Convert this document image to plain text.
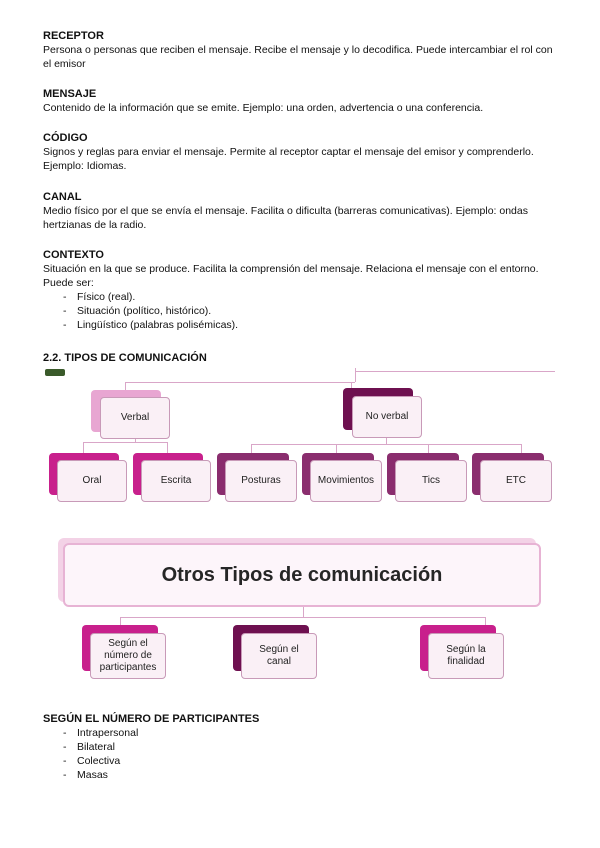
RECEPTOR

Persona o personas que reciben el mensaje. Recibe el mensaje y lo decodifica. Puede intercambiar el rol con el emisor

MENSAJE

Contenido de la información que se emite. Ejemplo: una orden, advertencia o una conferencia.

CÓDIGO

Signos y reglas para enviar el mensaje. Permite al receptor captar el mensaje del emisor y comprenderlo. Ejemplo: Idiomas.

CANAL

Medio físico por el que se envía el mensaje. Facilita o dificulta (barreras comunicativas). Ejemplo: ondas hertzianas de la radio.

CONTEXTO

Situación en la que se produce. Facilita la comprensión del mensaje. Relaciona el mensaje con el entorno. Puede ser:

- Físico (real).
- Situación (político, histórico).
- Lingüístico (palabras polisémicas).

2.2. TIPOS DE COMUNICACIÓN

Verbal	No verbal
Oral	Escrita	Posturas	Movimientos	Tics	ETC
Otros Tipos de comunicación
Según el número de participantes
Según el canal
Según la finalidad

SEGÚN EL NÚMERO DE PARTICIPANTES

- Intrapersonal
- Bilateral
- Colectiva
- Masas
